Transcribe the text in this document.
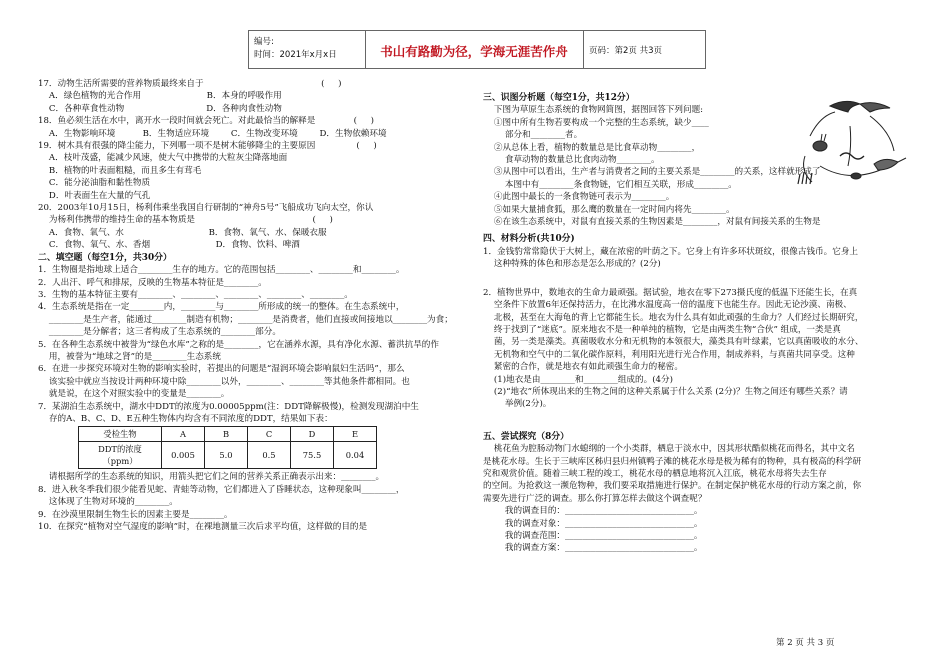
编号:
时间：2021年x月x日	书山有路勤为径，学海无涯苦作舟	页码：第2页 共3页
17．动物生活所需要的营养物质最终来自于                                           (     )
A．绿色植物的光合作用                        B．本身的呼吸作用
C．各种草食性动物                              D．各种肉食性动物
18．鱼必须生活在水中，离开水一段时间就会死亡。对此最恰当的解释是              (     )
A．生物影响环境          B．生物适应环境        C．生物改变环境        D．生物依赖环境
19．树木具有很强的降尘能力，下列哪一项不是树木能够降尘的主要原因               (     )
A．枝叶茂盛，能减少风速，使大气中携带的大粒灰尘降落地面
B．植物的叶表面粗糙，而且多生有茸毛
C．能分泌油脂和黏性物质
D．叶表面生在大量的气孔
20．2003年10月15日，杨利伟乘坐我国自行研制的“神舟5号”飞船成功飞向太空，你认
为杨利伟携带的维持生命的基本物质是                                           (     )
A．食物、氧气、水                               B．食物、氧气、水、保暖衣服
C．食物、氧气、水、香烟                        D．食物、饮料、啤酒
二、填空题（每空1分，共30分）
1．生物圈是指地球上适合________生存的地方。它的范围包括________、________和________。
2．人出汗、呼气和排尿，反映的生物基本特征是________。
3．生物的基本特征主要有________、________、________、________、________。
4．生态系统是指在一定________内，________与________所形成的统一的整体。在生态系统中，
________是生产者，能通过________制造有机物；________是消费者，他们直接或间接地以________为食；
________是分解者；这三者构成了生态系统的________部分。
5．在各种生态系统中被誉为“绿色水库”之称的是________，它在涵养水源，具有净化水源、蓄洪抗旱的作
用，被誉为“地球之肾”的是________生态系统
6．在进一步探究环境对生物的影响实验时，若提出的问题是“湿润环境会影响鼠妇生活吗”，那么
该实验中就应当按设计两种环境中除________以外，________、________等其他条件都相同。也
就是说，在这个对照实验中的变量是________。
7．某湖泊生态系统中，湖水中DDT的浓度为0.00005ppm(注：DDT降解极慢)，检测发现湖泊中生
存的A、B、C、D、E五种生物体内均含有不同浓度的DDT，结果如下表：
受检生物	A	B	C	D	E
DDT的浓度
（ppm）	0.005	5.0	0.5	75.5	0.04
请根据所学的生态系统的知识，用箭头把它们之间的营养关系正确表示出来：________。
8．进入秋冬季我们很少能看见蛇、青蛙等动物，它们都进入了昏睡状态，这种现象叫________，
这体现了生物对环境的________。
9．在沙漠里限制生物生长的因素主要是________。
10．在探究“植物对空气湿度的影响”时，在裸地测量三次后求平均值，这样做的目的是
三、识图分析题（每空1分，共12分）
下图为草原生态系统的食物网简图，据图回答下列问题:
①图中所有生物若要构成一个完整的生态系统，缺少____
部分和________者。
②从总体上看，植物的数量总是比食草动物________，
食草动物的数量总比食肉动物________。
③从图中可以看出，生产者与消费者之间的主要关系是________的关系，这样就形成了
本图中有________条食物链，它们相互关联，形成________。
④此图中最长的一条食物链可表示为________。
⑤如果大量捕食狐，那么鹰的数量在一定时间内将先________。
⑥在该生态系统中，对鼠有直接关系的生物因素是________，对鼠有间接关系的生物是
四、材料分析(共10分)
1．金钱豹常常隐伏于大树上，藏在浓密的叶荫之下。它身上有许多环状斑纹，很像古钱币。它身上
这种特殊的体色和形态是怎么形成的？(2分)
2．植物世界中，数地衣的生命力最顽强。据试验，地衣在零下273摄氏度的低温下还能生长，在真
空条件下放置6年还保持活力，在比沸水温度高一倍的温度下也能生存。因此无论沙漠、南极、
北极，甚至在大海龟的背上它都能生长。地衣为什么具有如此顽强的生命力？人们经过长期研究，
终于找到了“迷底”。原来地衣不是一种单纯的植物，它是由两类生物“合伙” 组成，一类是真
菌，另一类是藻类。真菌吸收水分和无机物的本领很大，藻类具有叶绿素，它以真菌吸收的水分、
无机物和空气中的二氧化碳作原料，利用阳光进行光合作用，制成养料，与真菌共同享受。这种
紧密的合作，就是地衣有如此顽强生命力的秘密。
(1)地衣是由________和________组成的。(4分)
(2)“地衣”所体现出来的生物之间的这种关系属于什么关系 (2分)？生物之间还有哪些关系？请
举例(2分)。
五、尝试探究（8分）
桃花鱼为腔肠动物门水螅纲的一个小类群，栖息于淡水中，因其形状酷似桃花而得名，其中文名
是桃花水母。生长于三峡库区秭归县归州镇鸭子滩的桃花水母是极为稀有的物种，具有极高的科学研
究和观赏价值。随着三峡工程的竣工，桃花水母的栖息地将沉入江底，桃花水母将失去生存
的空间。为抢救这一濒危物种，我们要采取措施进行保护。在制定保护桃花水母的行动方案之前，你
需要先进行广泛的调查。那么你打算怎样去做这个调查呢？
我的调查目的：______________________________。
我的调查对象：______________________________。
我的调查范围：______________________________。
我的调查方案：______________________________。
第 2 页 共 3 页
